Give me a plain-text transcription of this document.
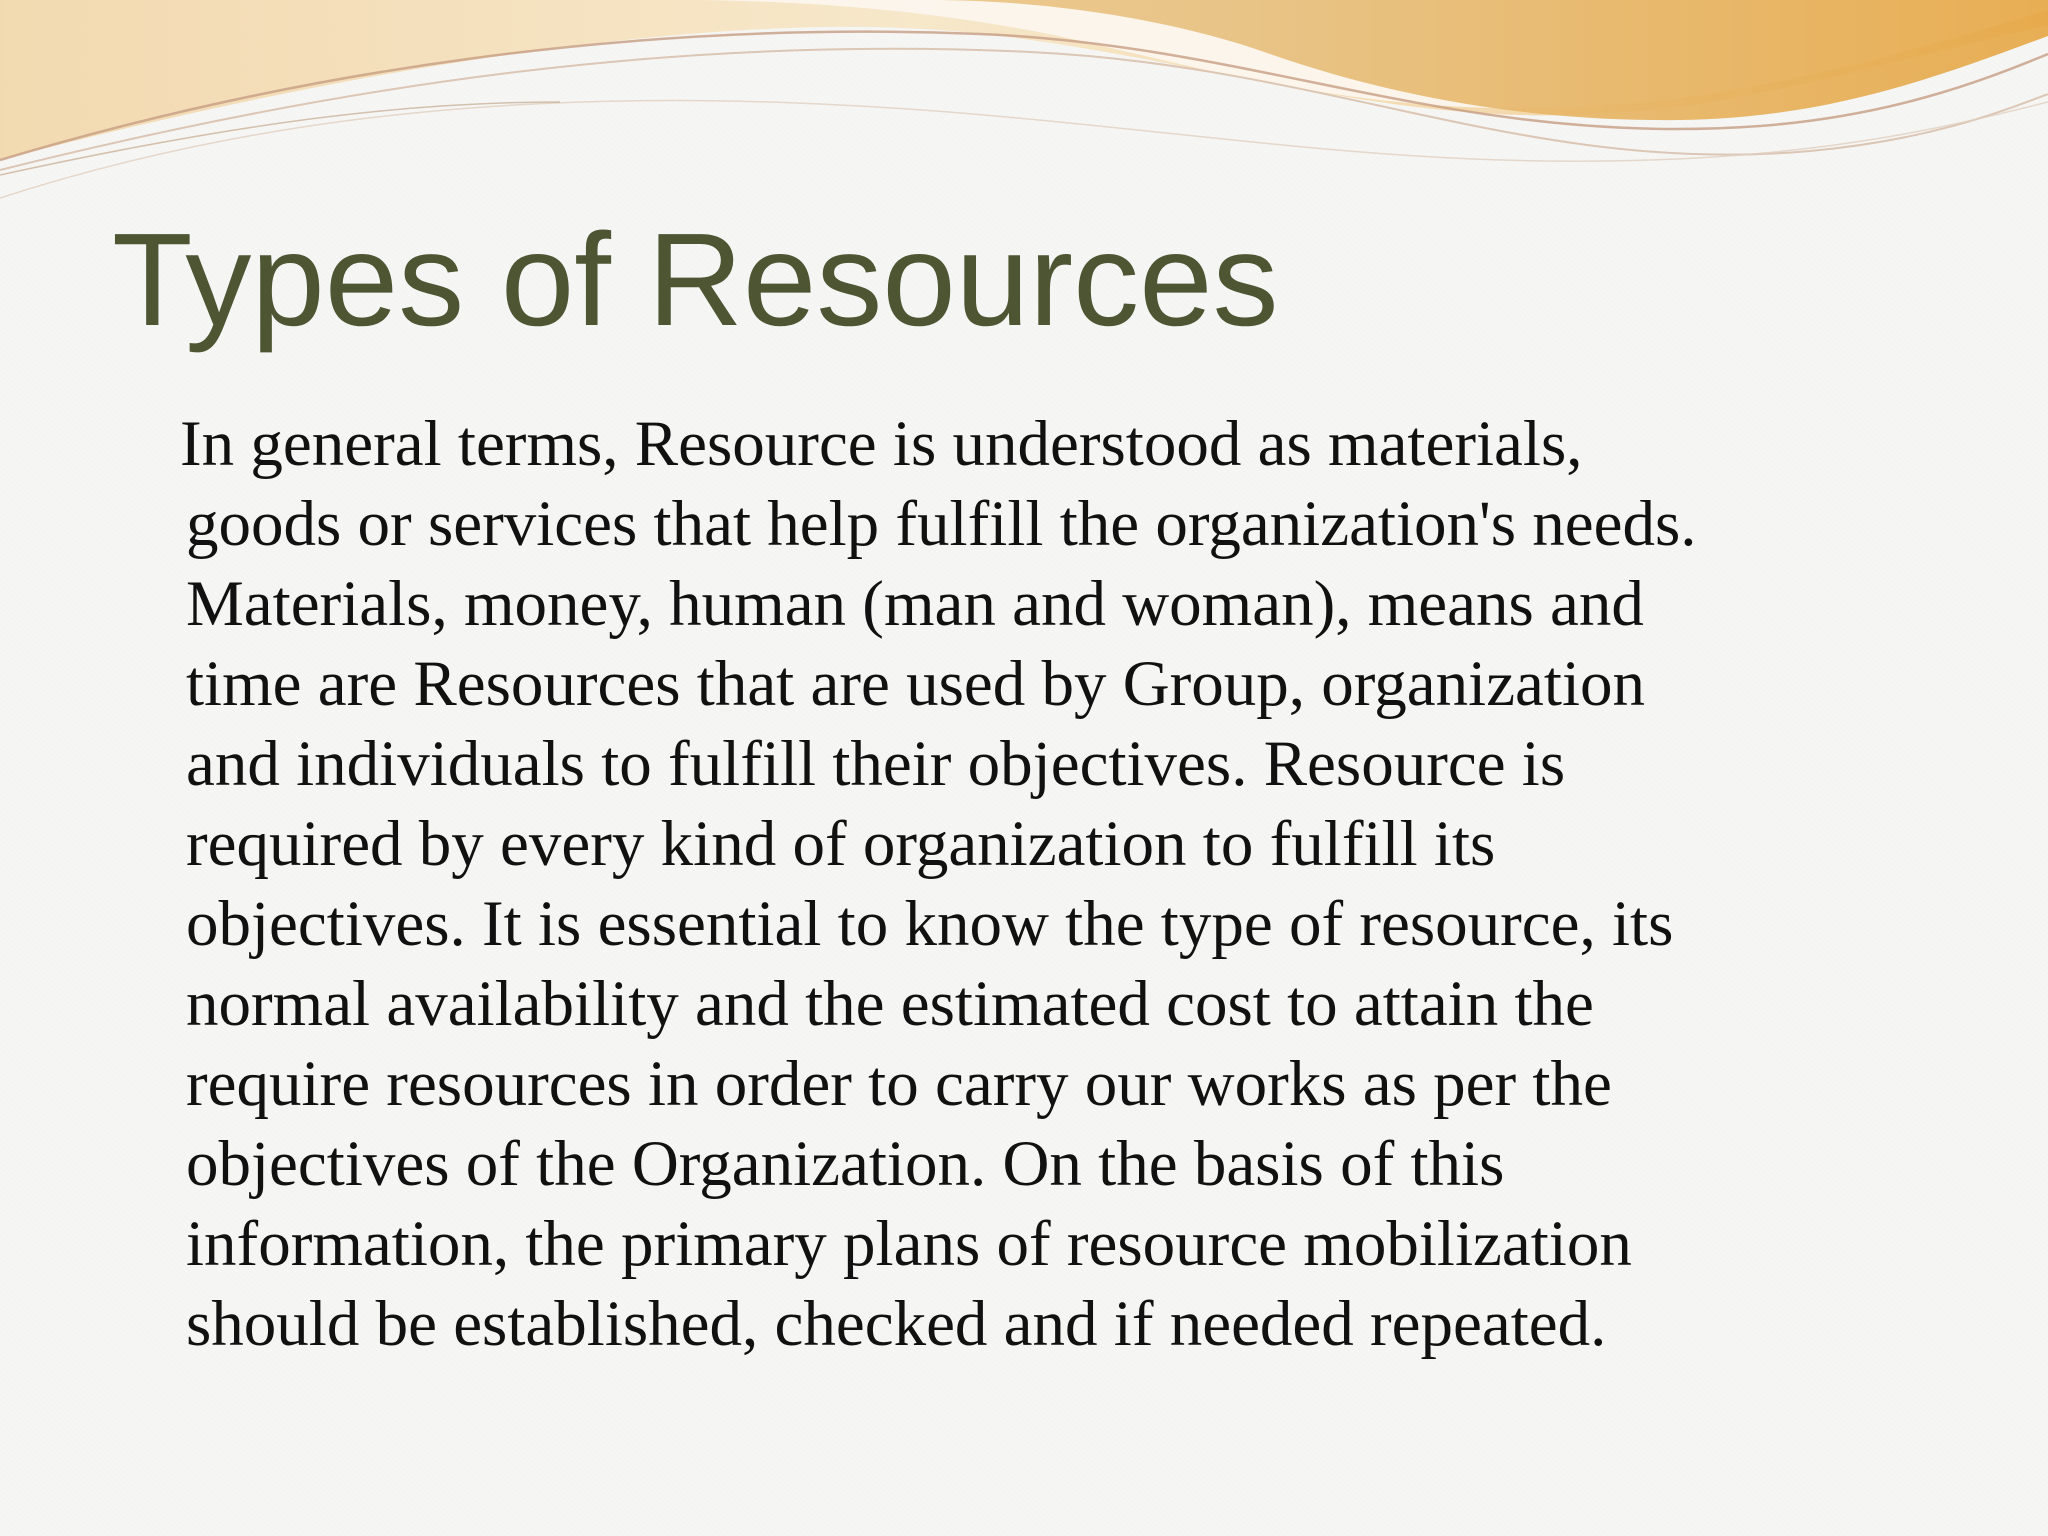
Types of Resources
In general terms, Resource is understood as materials,
goods or services that help fulfill the organization's needs.
Materials, money, human (man and woman), means and
time are Resources that are used by Group, organization
and individuals to fulfill their objectives. Resource is
required by every kind of organization to fulfill its
objectives. It is essential to know the type of resource, its
normal availability and the estimated cost to attain the
require resources in order to carry our works as per the
objectives of the Organization. On the basis of this
information, the primary plans of resource mobilization
should be established, checked and if needed repeated.
